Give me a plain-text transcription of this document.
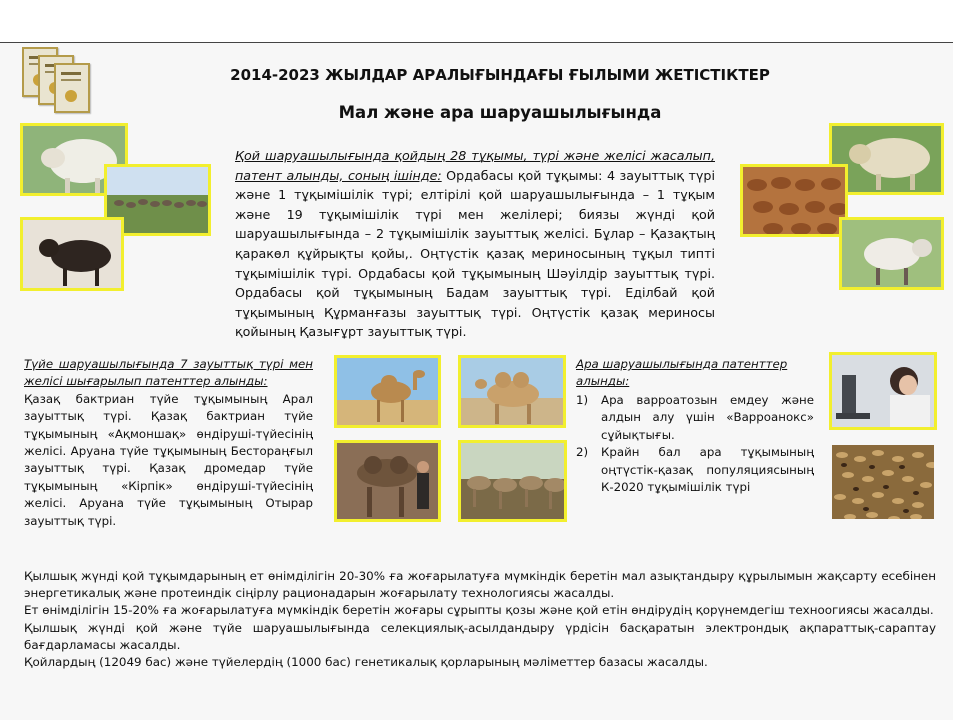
2014-2023 ЖЫЛДАР АРАЛЫҒЫНДАҒЫ ҒЫЛЫМИ ЖЕТІСТІКТЕР
Мал және ара шаруашылығында
Қой шаруашылығында қойдың 28 тұқымы, түрі және желісі жасалып, патент алынды, соның ішінде: Ордабасы қой тұқымы: 4 зауыттық түрі және 1 тұқымішілік түрі; елтірілі қой шаруашылығында – 1 тұқым және 19 тұқымішілік түрі мен желілері; биязы жүнді қой шаруашылығында – 2 тұқымішілік зауыттық желісі. Бұлар – Қазақтың қаракөл құйрықты қойы,. Оңтүстік қазақ мериносының тұқыл типті тұқымішілік түрі. Ордабасы қой тұқымының Шәуілдір зауыттық түрі. Ордабасы қой тұқымының Бадам зауыттық түрі. Еділбай қой тұқымының Құрманғазы зауыттық түрі. Оңтүстік қазақ мериносы қойының Қазығұрт зауыттық түрі.
Түйе шаруашылығында 7 зауыттық түрі мен желісі шығарылып патенттер алынды:
Қазақ бактриан түйе тұқымының Арал зауыттық түрі. Қазақ бактриан түйе тұқымының «Ақмоншақ» өндіруші-түйесінің желісі. Аруана түйе тұқымының Бестораңғыл зауыттық түрі. Қазақ дромедар түйе тұқымының «Кірпік» өндіруші-түйесінің желісі. Аруана түйе тұқымының Отырар зауыттық түрі.
Ара шаруашылығында патенттер алынды:
1) Ара варроатозын емдеу және алдын алу үшін «Варроанокс» сұйықтығы.
2) Крайн бал ара тұқымының оңтүстік-қазақ популяциясының К-2020 тұқымішілік түрі

Қылшық жүнді қой тұқымдарының ет өнімділігін 20-30% ға жоғарылатуға мүмкіндік беретін мал азықтандыру құрылымын жақсарту есебінен энергетикалық және протеиндік сіңірлу рационадарын жоғарылату технологиясы жасалды.

Ет өнімділігін 15-20% ға жоғарылатуға мүмкіндік беретін жоғары сұрыпты қозы және қой етін өндірудің қорүнемдегіш техноогиясы жасалды.

Қылшық жүнді қой және түйе шаруашылығында селекциялық-асылдандыру үрдісін басқаратын электрондық ақпараттық-сараптау бағдарламасы жасалды.

Қойлардың (12049 бас) және түйелердің (1000 бас) генетикалық қорларының мәліметтер базасы жасалды.
